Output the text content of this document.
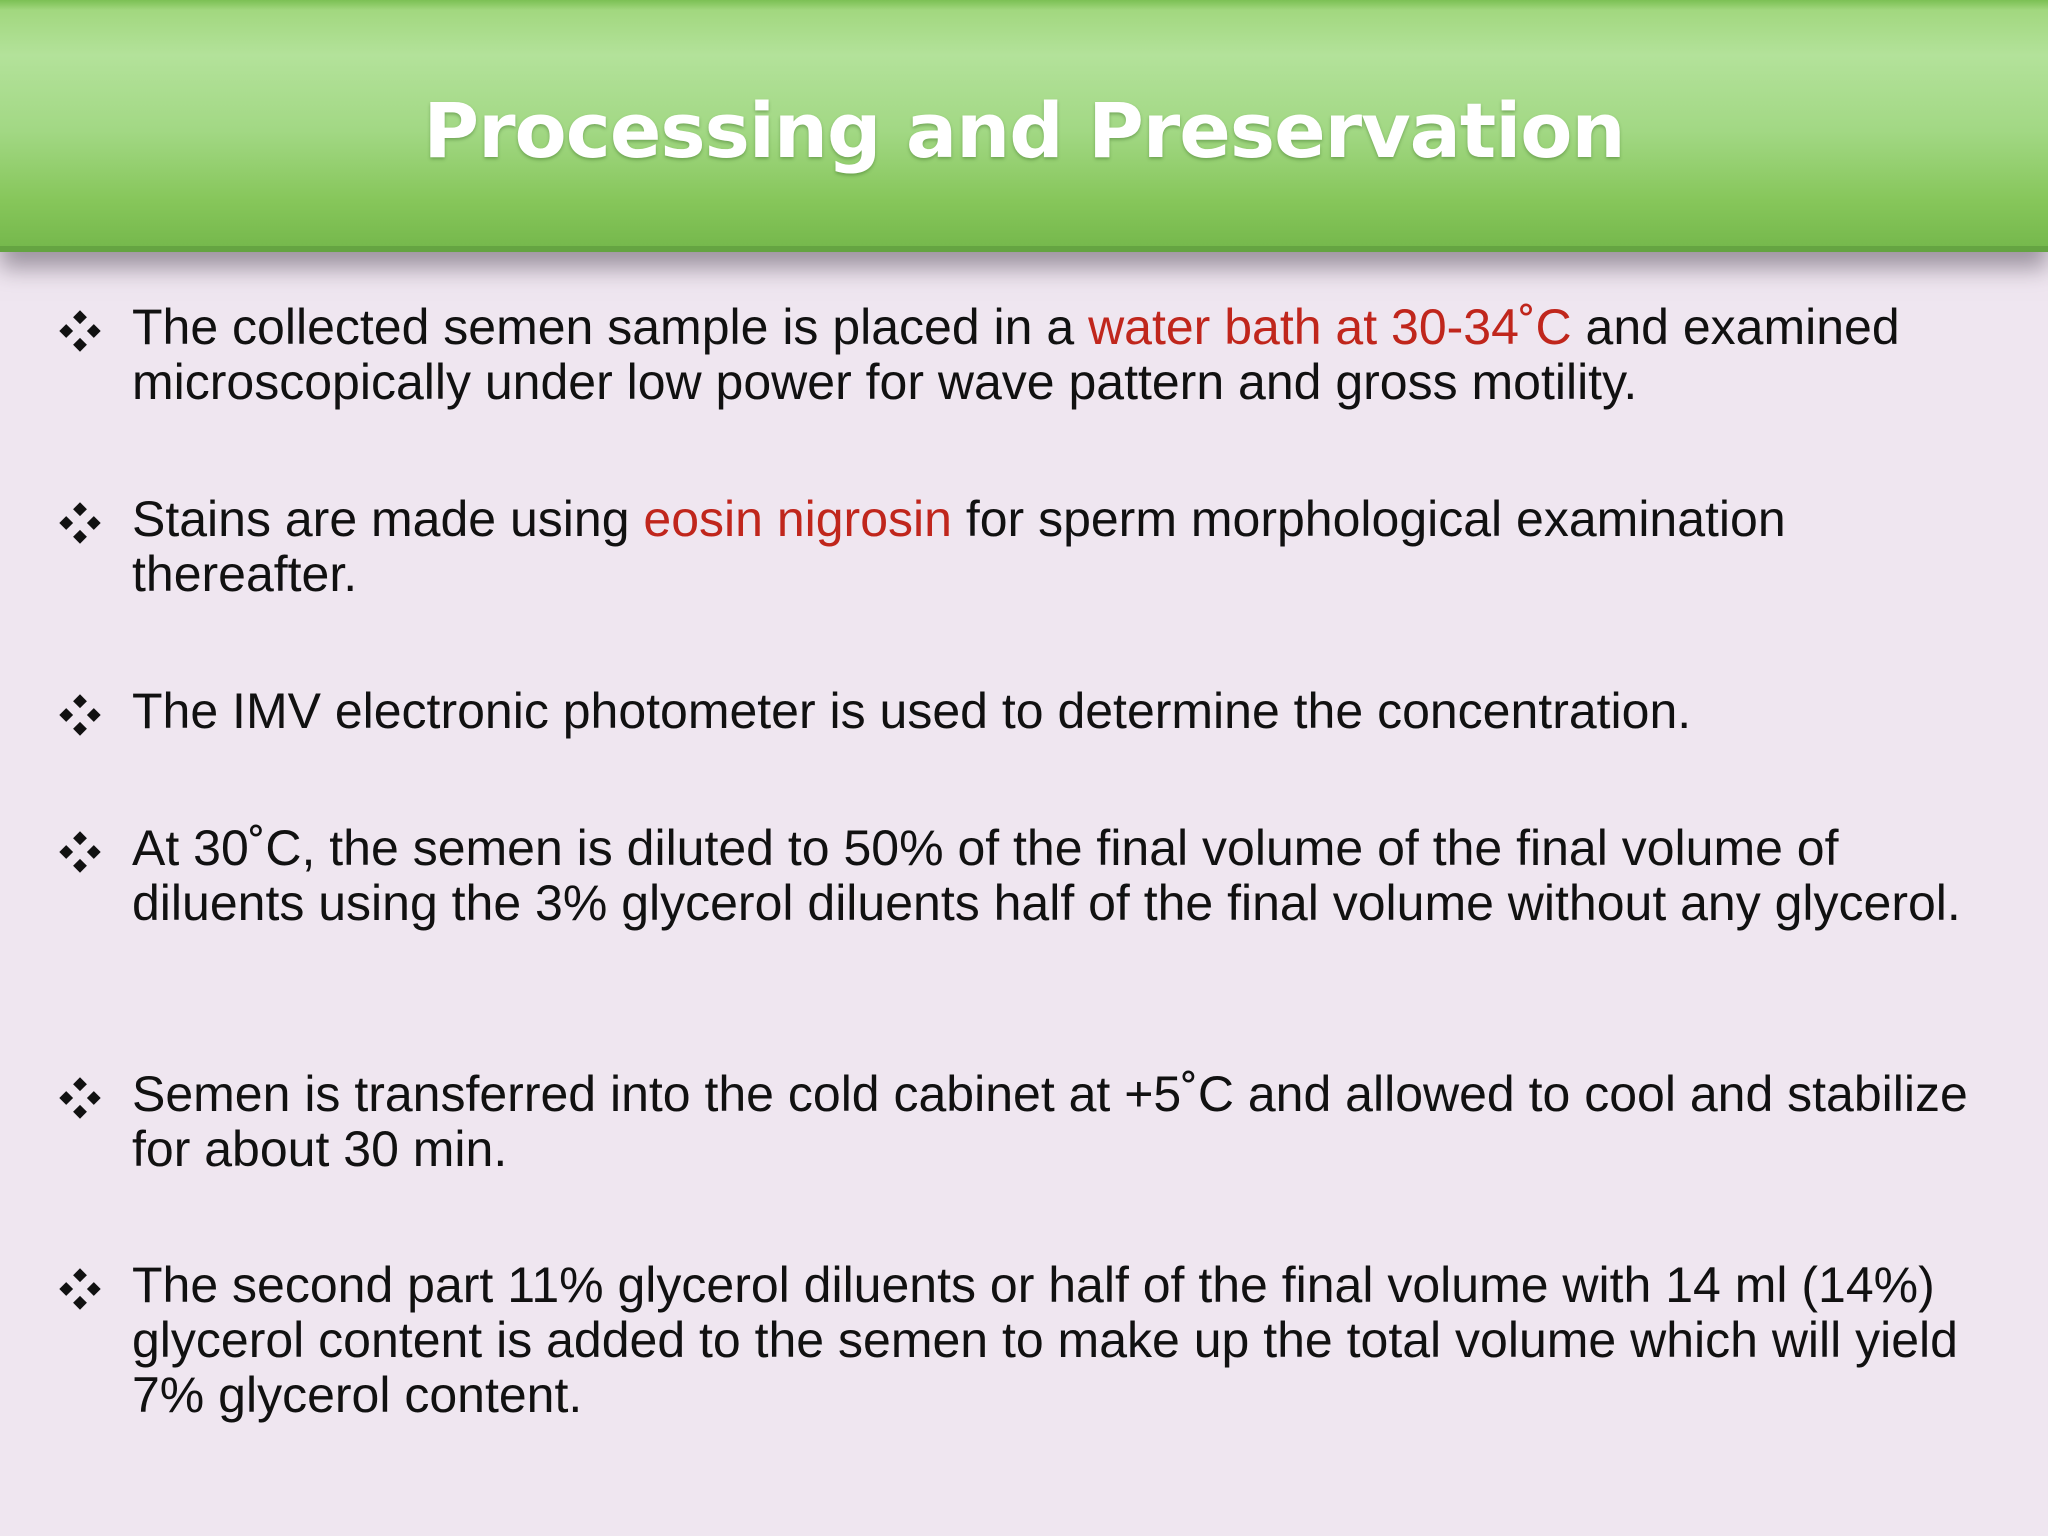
Processing and Preservation

The collected semen sample is placed in a water bath at 30-34˚C and examined microscopically under low power for wave pattern and gross motility.

Stains are made using eosin nigrosin for sperm morphological examination thereafter.

The IMV electronic photometer is used to determine the concentration.

At 30˚C, the semen is diluted to 50% of the final volume of the final volume of diluents using the 3% glycerol diluents half of the final volume without any glycerol.

Semen is transferred into the cold cabinet at +5˚C and allowed to cool and stabilize for about 30 min.

The second part 11% glycerol diluents or half of the final volume with 14 ml (14%) glycerol content is added to the semen to make up the total volume which will yield 7% glycerol content.
